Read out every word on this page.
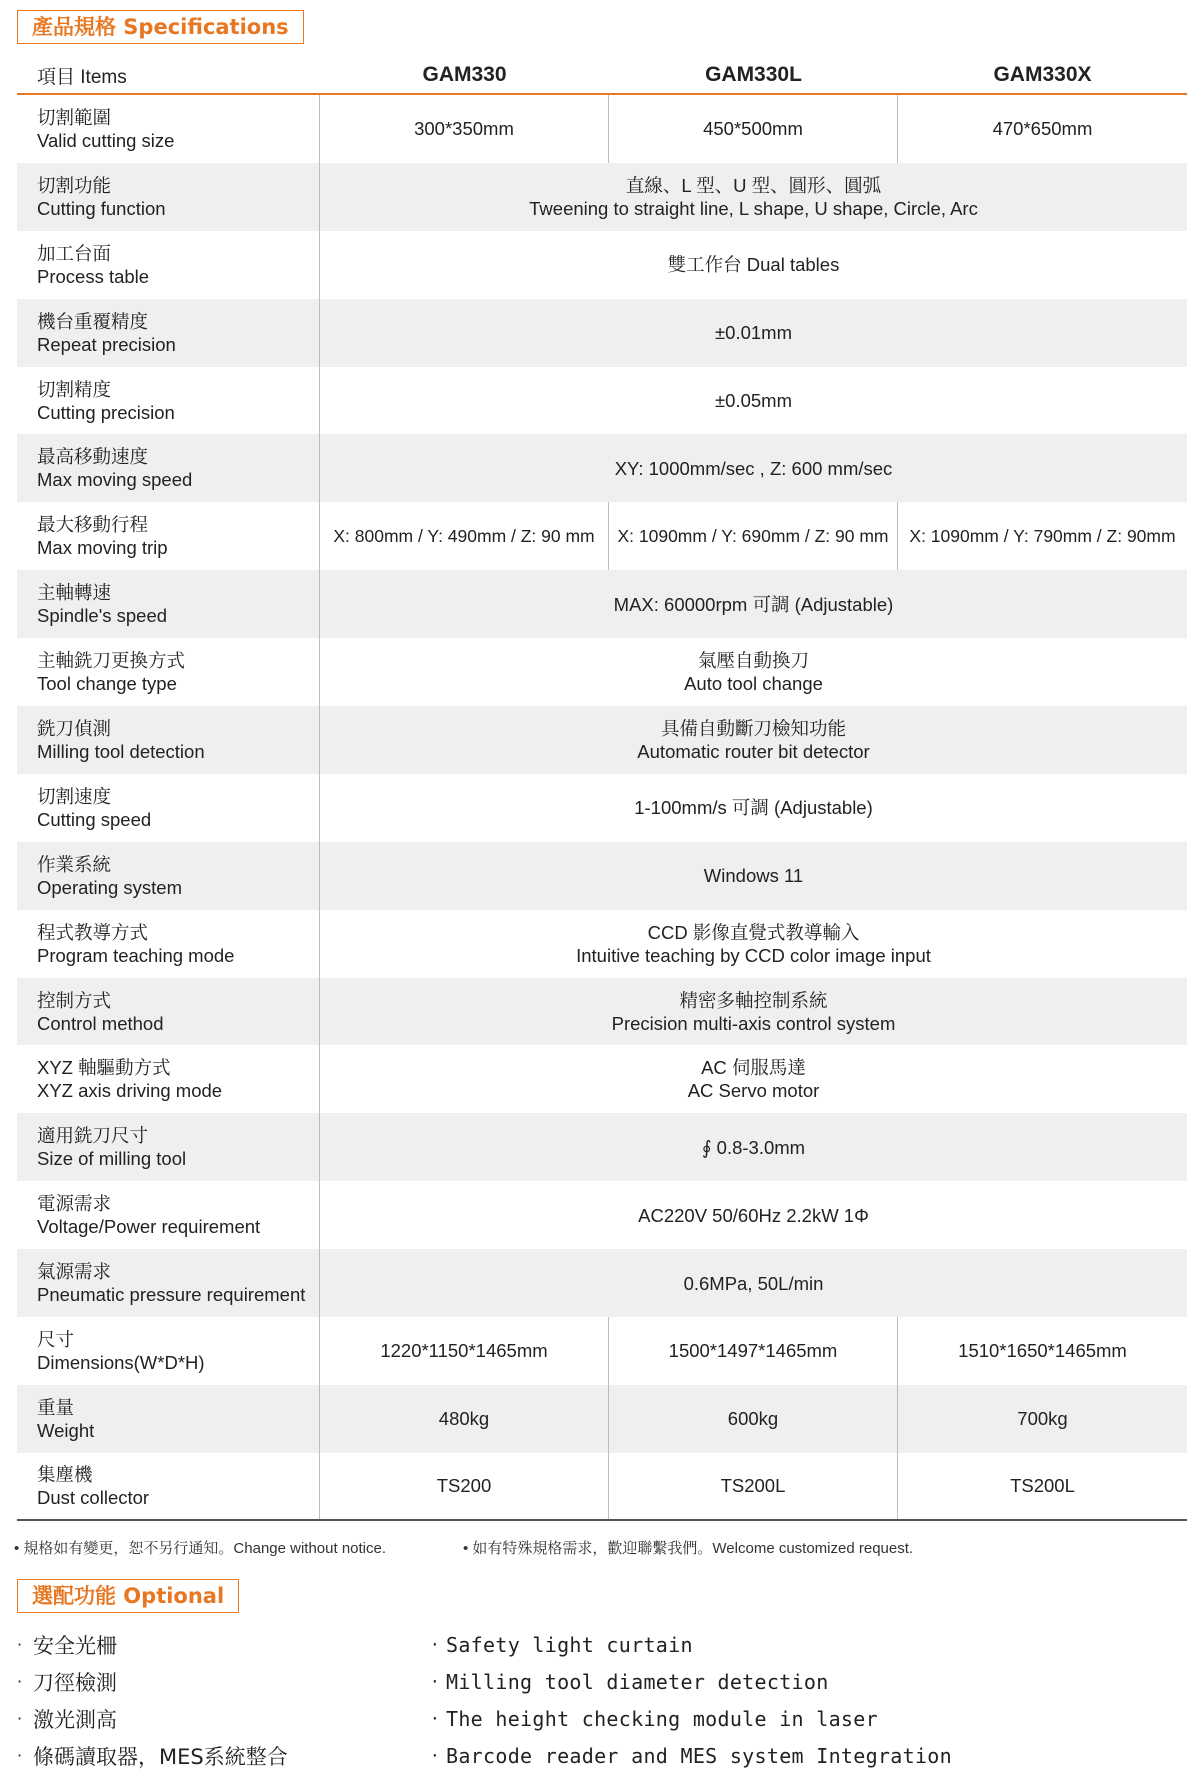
產品規格 Specifications
項目 Items	GAM330	GAM330L	GAM330X
切割範圍
Valid cutting size
300*350mm	450*500mm	470*650mm
切割功能
Cutting function
直線、L 型、U 型、圓形、圓弧
Tweening to straight line, L shape, U shape, Circle, Arc
加工台面
Process table
雙工作台 Dual tables
機台重覆精度
Repeat precision
±0.01mm
切割精度
Cutting precision
±0.05mm
最高移動速度
Max moving speed
XY: 1000mm/sec , Z: 600 mm/sec
最大移動行程
Max moving trip
X: 800mm / Y: 490mm / Z: 90 mm	X: 1090mm / Y: 690mm / Z: 90 mm	X: 1090mm / Y: 790mm / Z: 90mm
主軸轉速
Spindle's speed
MAX: 60000rpm 可調 (Adjustable)
主軸銑刀更換方式
Tool change type
氣壓自動換刀
Auto tool change
銑刀偵測
Milling tool detection
具備自動斷刀檢知功能
Automatic router bit detector
切割速度
Cutting speed
1-100mm/s 可調 (Adjustable)
作業系統
Operating system
Windows 11
程式教導方式
Program teaching mode
CCD 影像直覺式教導輸入
Intuitive teaching by CCD color image input
控制方式
Control method
精密多軸控制系統
Precision multi-axis control system
XYZ 軸驅動方式
XYZ axis driving mode
AC 伺服馬達
AC Servo motor
適用銑刀尺寸
Size of milling tool
∮ 0.8-3.0mm
電源需求
Voltage/Power requirement
AC220V 50/60Hz 2.2kW 1Φ
氣源需求
Pneumatic pressure requirement
0.6MPa, 50L/min
尺寸
Dimensions(W*D*H)
1220*1150*1465mm	1500*1497*1465mm	1510*1650*1465mm
重量
Weight
480kg	600kg	700kg
集塵機
Dust collector
TS200	TS200L	TS200L
• 規格如有變更，恕不另行通知。Change without notice.	• 如有特殊規格需求，歡迎聯繫我們。Welcome customized request.
選配功能 Optional
· 安全光柵
· 刀徑檢測
· 激光測高
· 條碼讀取器，MES系統整合
· Safety light curtain
· Milling tool diameter detection
· The height checking module in laser
· Barcode reader and MES system Integration
